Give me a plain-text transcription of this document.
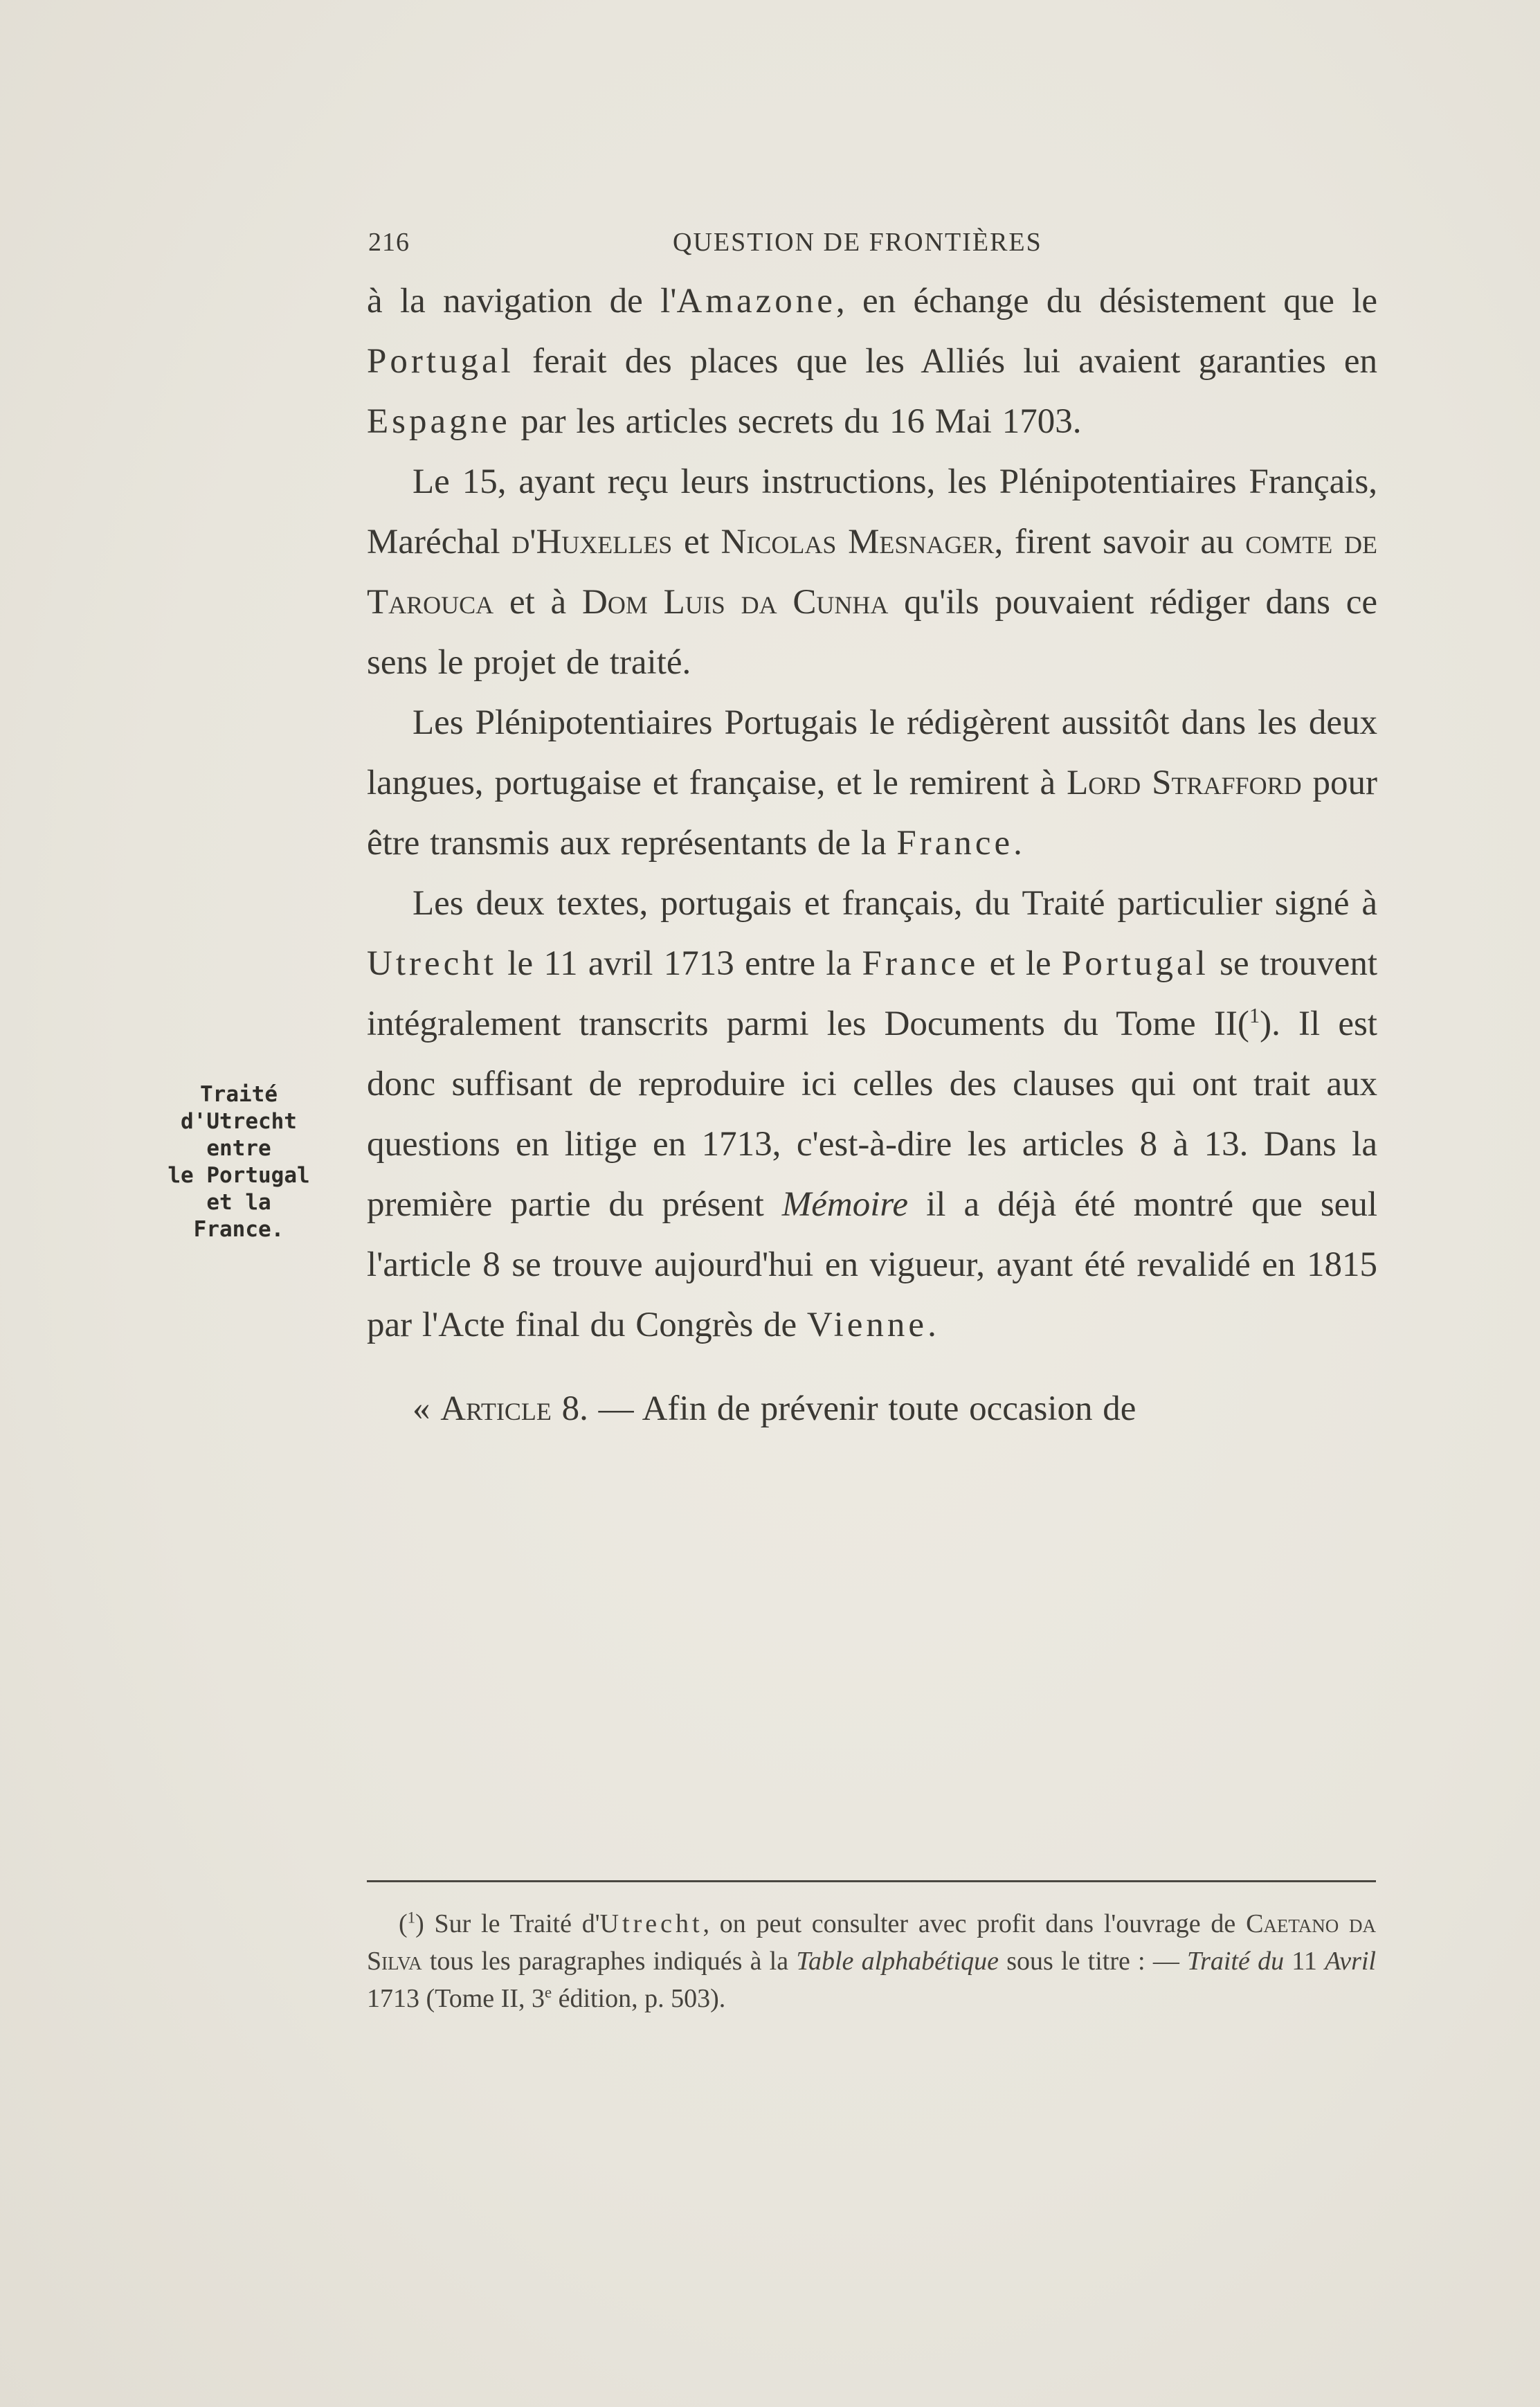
216	QUESTION DE FRONTIÈRES
Traité
d'Utrecht
entre
le Portugal
et la
France.

à la navigation de l'Amazone, en échange du désistement que le Portugal ferait des places que les Alliés lui avaient garanties en Espagne par les articles secrets du 16 Mai 1703.

Le 15, ayant reçu leurs instructions, les Plénipotentiaires Français, Maréchal d'Huxelles et Nicolas Mesnager, firent savoir au comte de Tarouca et à Dom Luis da Cunha qu'ils pouvaient rédiger dans ce sens le projet de traité.

Les Plénipotentiaires Portugais le rédigèrent aussitôt dans les deux langues, portugaise et française, et le remirent à Lord Strafford pour être transmis aux représentants de la France.

Les deux textes, portugais et français, du Traité particulier signé à Utrecht le 11 avril 1713 entre la France et le Portugal se trouvent intégralement transcrits parmi les Documents du Tome II($^1$). Il est donc suffisant de reproduire ici celles des clauses qui ont trait aux questions en litige en 1713, c'est-à-dire les articles 8 à 13. Dans la première partie du présent Mémoire il a déjà été montré que seul l'article 8 se trouve aujourd'hui en vigueur, ayant été revalidé en 1815 par l'Acte final du Congrès de Vienne.

« Article 8. — Afin de prévenir toute occasion de

($^1$) Sur le Traité d'Utrecht, on peut consulter avec profit dans l'ouvrage de Caetano da Silva tous les paragraphes indiqués à la Table alphabétique sous le titre : — Traité du 11 Avril 1713 (Tome II, 3e édition, p. 503).
